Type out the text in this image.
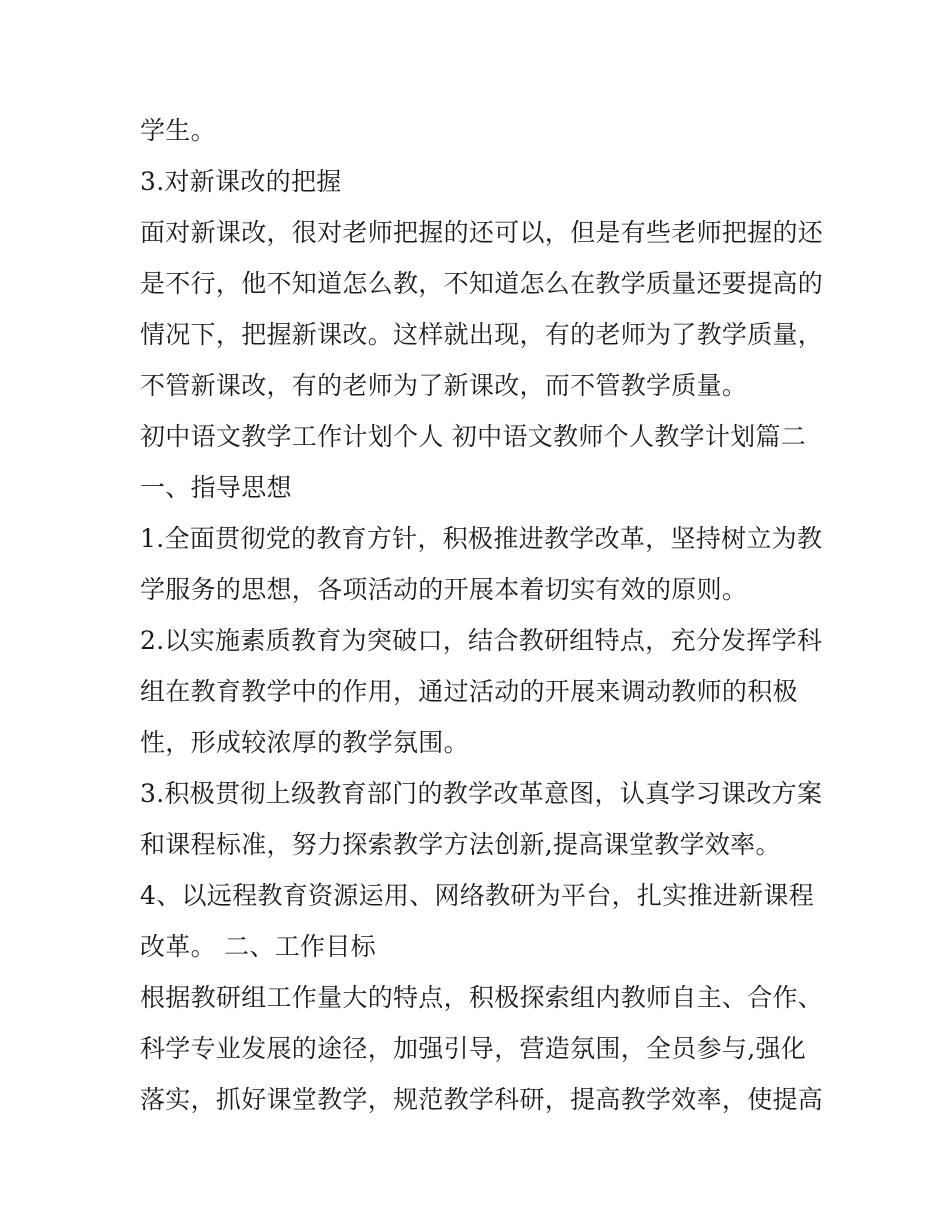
学生。

3.对新课改的把握

面对新课改，很对老师把握的还可以，但是有些老师把握的还

是不行，他不知道怎么教，不知道怎么在教学质量还要提高的

情况下，把握新课改。这样就出现，有的老师为了教学质量，

不管新课改，有的老师为了新课改，而不管教学质量。

初中语文教学工作计划个人 初中语文教师个人教学计划篇二

一、指导思想

1.全面贯彻党的教育方针，积极推进教学改革，坚持树立为教

学服务的思想，各项活动的开展本着切实有效的原则。

2.以实施素质教育为突破口，结合教研组特点，充分发挥学科

组在教育教学中的作用，通过活动的开展来调动教师的积极

性，形成较浓厚的教学氛围。

3.积极贯彻上级教育部门的教学改革意图，认真学习课改方案

和课程标准，努力探索教学方法创新,提高课堂教学效率。

4、以远程教育资源运用、网络教研为平台，扎实推进新课程

改革。 二、工作目标

根据教研组工作量大的特点，积极探索组内教师自主、合作、

科学专业发展的途径，加强引导，营造氛围，全员参与,强化

落实，抓好课堂教学，规范教学科研，提高教学效率，使提高
